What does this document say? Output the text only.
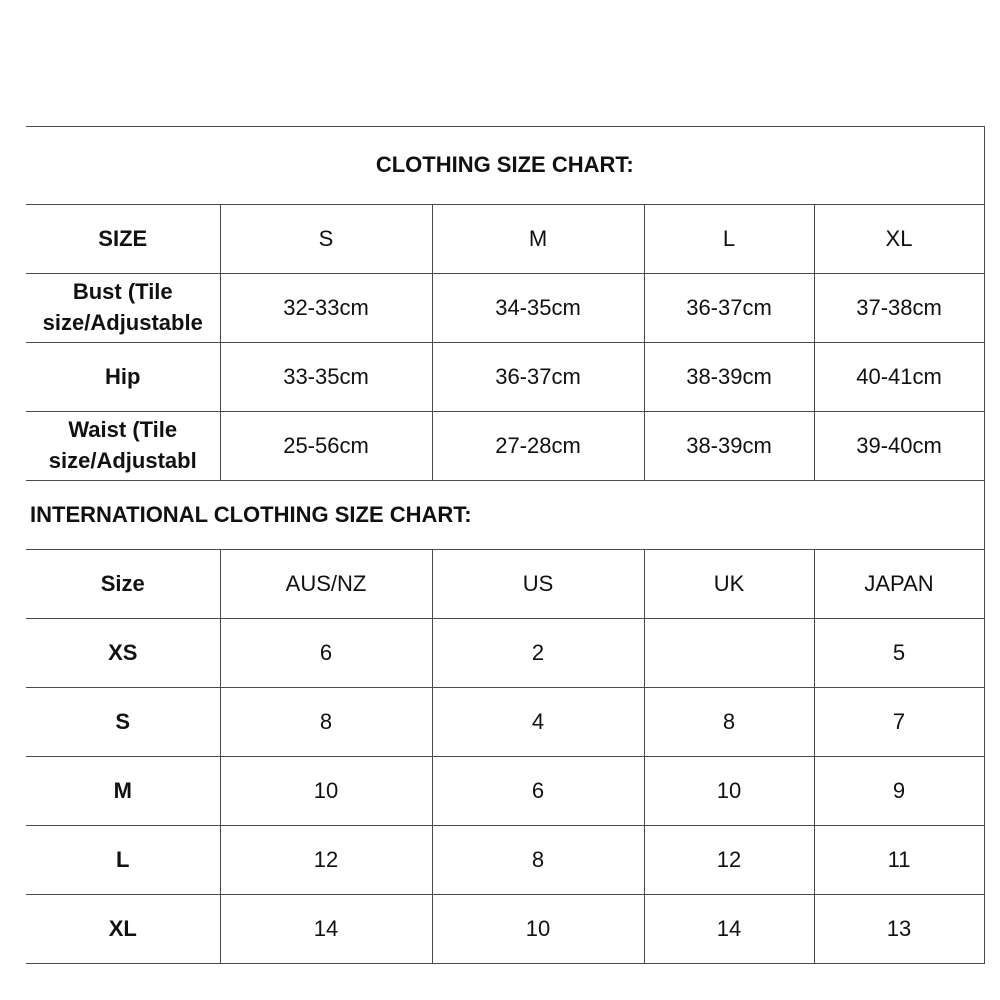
CLOTHING SIZE CHART:				
SIZE	S	M	L	XL
Bust (Tile size/Adjustable	32-33cm	34-35cm	36-37cm	37-38cm
Hip	33-35cm	36-37cm	38-39cm	40-41cm
Waist (Tile size/Adjustabl	25-56cm	27-28cm	38-39cm	39-40cm
INTERNATIONAL CLOTHING SIZE CHART:				
Size	AUS/NZ	US	UK	JAPAN
XS	6	2		5
S	8	4	8	7
M	10	6	10	9
L	12	8	12	11
XL	14	10	14	13
